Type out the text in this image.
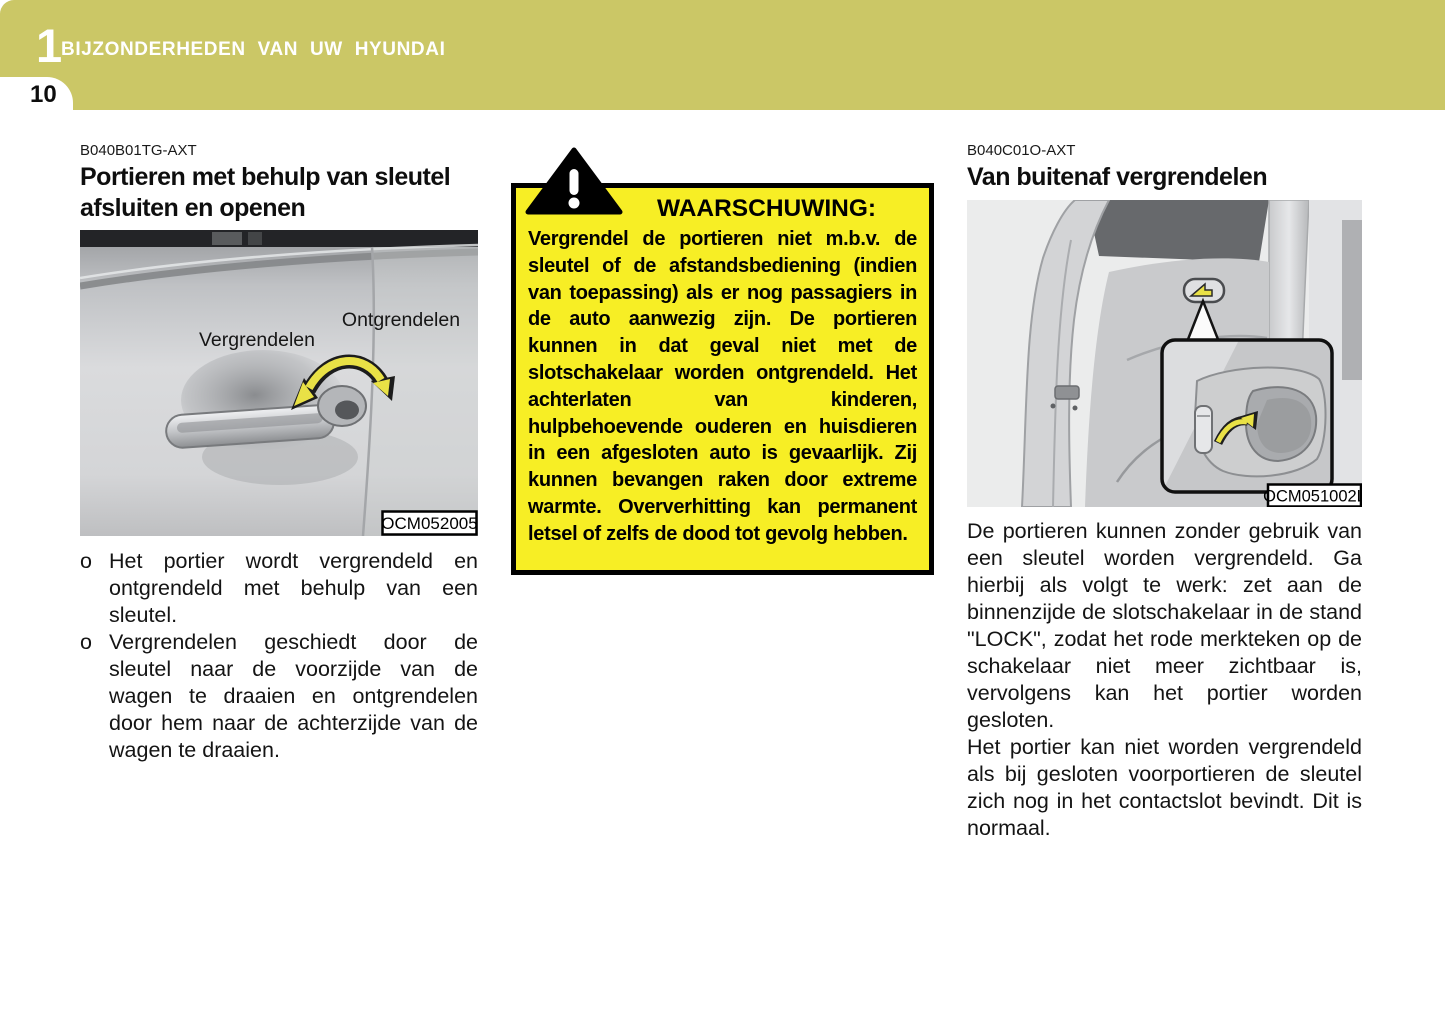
1
BIJZONDERHEDEN VAN UW HYUNDAI
10
B040B01TG-AXT
Portieren met behulp van sleutel afsluiten en openen
Vergrendelen
Ontgrendelen
OCM052005
o Het portier wordt vergrendeld en ontgrendeld met behulp van een sleutel.
o Vergrendelen geschiedt door de sleutel naar de voorzijde van de wagen te draaien en ontgrendelen door hem naar de achterzijde van de wagen te draaien.
WAARSCHUWING:

Vergrendel de portieren niet m.b.v. de sleutel of de afstandsbediening (indien van toepassing) als er nog passagiers in de auto aanwezig zijn. De portieren kunnen in dat geval niet met de slotschakelaar worden ontgrendeld. Het achterlaten van kinderen, hulpbehoevende ouderen en huisdieren in een afgesloten auto is gevaarlijk. Zij kunnen bevangen raken door extreme warmte. Oververhitting kan permanent letsel of zelfs de dood tot gevolg hebben.

B040C01O-AXT
Van buitenaf vergrendelen
OCM051002L

De portieren kunnen zonder gebruik van een sleutel worden vergrendeld. Ga hierbij als volgt te werk: zet aan de binnenzijde de slotschakelaar in de stand "LOCK", zodat het rode merkteken op de schakelaar niet meer zichtbaar is, vervolgens kan het portier worden gesloten.

Het portier kan niet worden vergrendeld als bij gesloten voorportieren de sleutel zich nog in het contactslot bevindt. Dit is normaal.
